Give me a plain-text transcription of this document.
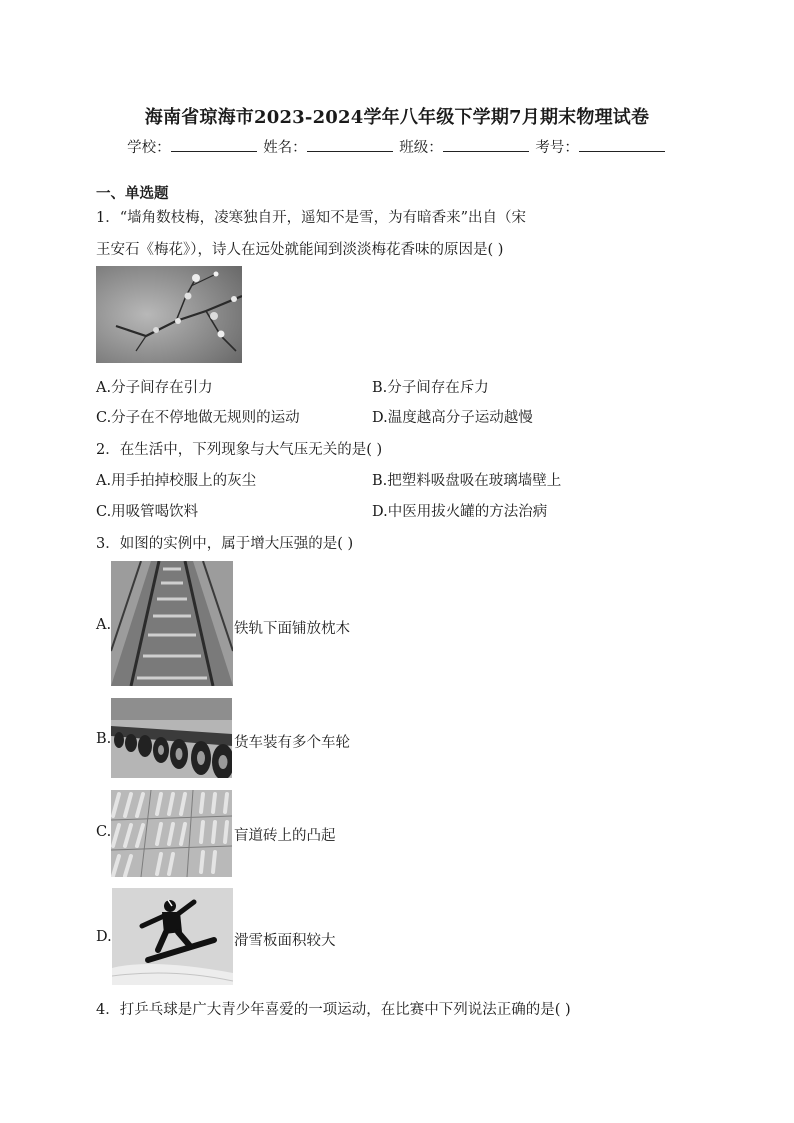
海南省琼海市2023-2024学年八年级下学期7月期末物理试卷
学校：	姓名：	班级：	考号：
一、单选题
1．“墙角数枝梅，凌寒独自开，遥知不是雪，为有暗香来”出自（宋
王安石《梅花》），诗人在远处就能闻到淡淡梅花香味的原因是( )
A.分子间存在引力	B.分子间存在斥力
C.分子在不停地做无规则的运动	D.温度越高分子运动越慢
2．在生活中，下列现象与大气压无关的是( )
A.用手拍掉校服上的灰尘	B.把塑料吸盘吸在玻璃墙壁上
C.用吸管喝饮料	D.中医用拔火罐的方法治病
3．如图的实例中，属于增大压强的是( )
A.	铁轨下面铺放枕木
B.	货车装有多个车轮
C.	盲道砖上的凸起
D.	滑雪板面积较大
4．打乒乓球是广大青少年喜爱的一项运动，在比赛中下列说法正确的是( )
